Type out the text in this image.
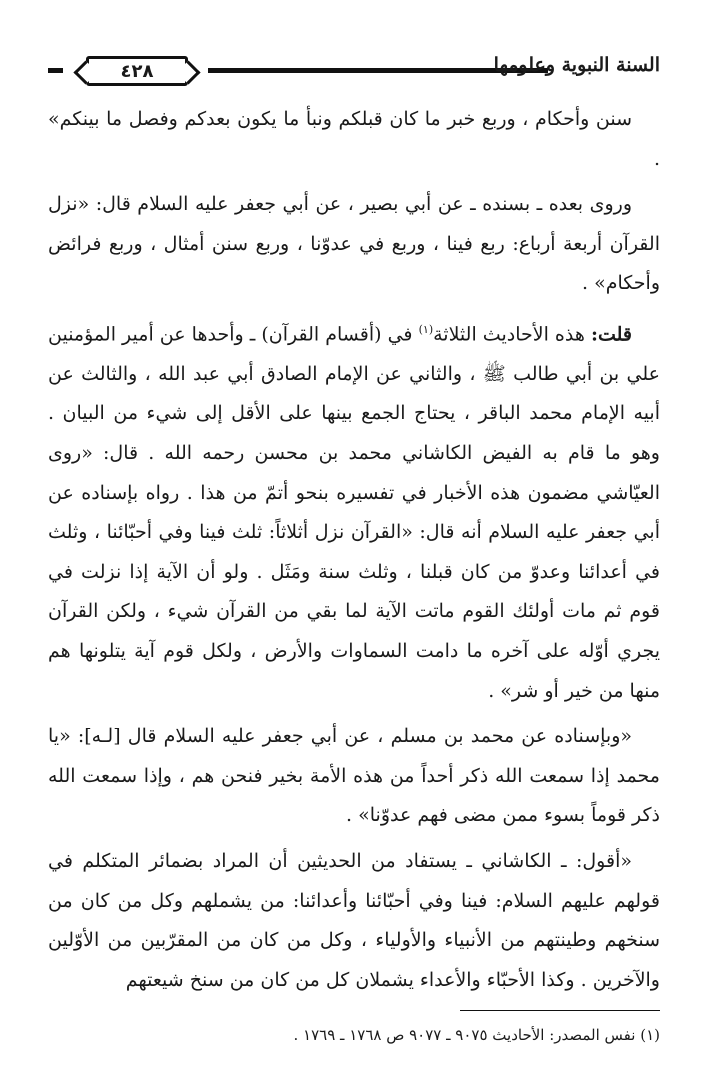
٤٢٨	السنة النبوية وعلومها

سنن وأحكام ، وربع خبر ما كان قبلكم ونبأ ما يكون بعدكم وفصل ما بينكم» .

وروى بعده ـ بسنده ـ عن أبي بصير ، عن أبي جعفر عليه السلام قال: «نزل القرآن أربعة أرباع: ربع فينا ، وربع في عدوّنا ، وربع سنن أمثال ، وربع فرائض وأحكام» .

قلت: هذه الأحاديث الثلاثة$^{(١)}$ في (أقسام القرآن) ـ وأحدها عن أمير المؤمنين علي بن أبي طالب ﷺ ، والثاني عن الإمام الصادق أبي عبد الله ، والثالث عن أبيه الإمام محمد الباقر ، يحتاج الجمع بينها على الأقل إلى شيء من البيان . وهو ما قام به الفيض الكاشاني محمد بن محسن رحمه الله . قال: «روى العيّاشي مضمون هذه الأخبار في تفسيره بنحو أتمّ من هذا . رواه بإسناده عن أبي جعفر عليه السلام أنه قال: «القرآن نزل أثلاثاً: ثلث فينا وفي أحبّائنا ، وثلث في أعدائنا وعدوّ من كان قبلنا ، وثلث سنة ومَثَل . ولو أن الآية إذا نزلت في قوم ثم مات أولئك القوم ماتت الآية لما بقي من القرآن شيء ، ولكن القرآن يجري أوّله على آخره ما دامت السماوات والأرض ، ولكل قوم آية يتلونها هم منها من خير أو شر» .

«وبإسناده عن محمد بن مسلم ، عن أبي جعفر عليه السلام قال [لـه]: «يا محمد إذا سمعت الله ذكر أحداً من هذه الأمة بخير فنحن هم ، وإذا سمعت الله ذكر قوماً بسوء ممن مضى فهم عدوّنا» .

«أقول: ـ الكاشاني ـ يستفاد من الحديثين أن المراد بضمائر المتكلم في قولهم عليهم السلام: فينا وفي أحبّائنا وأعدائنا: من يشملهم وكل من كان من سنخهم وطينتهم من الأنبياء والأولياء ، وكل من كان من المقرّبين من الأوّلين والآخرين . وكذا الأحبّاء والأعداء يشملان كل من كان من سنخ شيعتهم

(١) نفس المصدر: الأحاديث ٩٠٧٥ ـ ٩٠٧٧ ص ١٧٦٨ ـ ١٧٦٩ .
